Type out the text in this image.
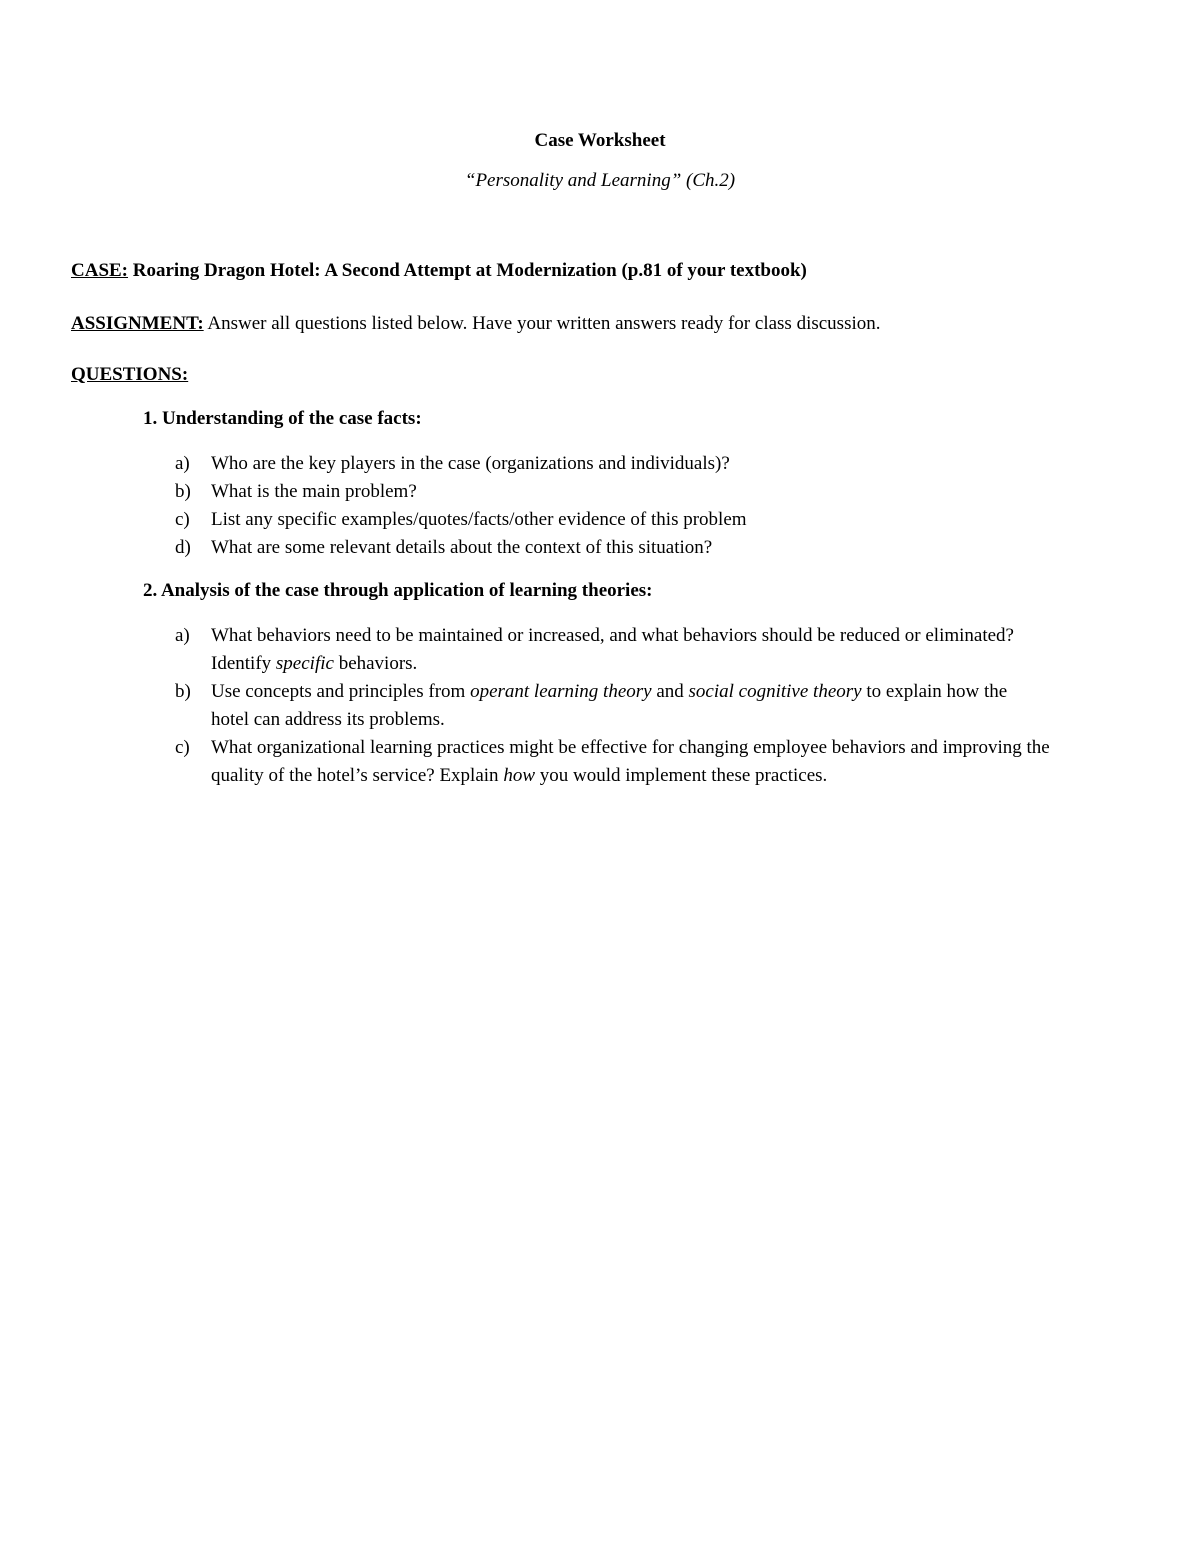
Case Worksheet
“Personality and Learning” (Ch.2)
CASE: Roaring Dragon Hotel: A Second Attempt at Modernization (p.81 of your textbook)
ASSIGNMENT: Answer all questions listed below. Have your written answers ready for class discussion.
QUESTIONS:
1. Understanding of the case facts:
a) Who are the key players in the case (organizations and individuals)?
b) What is the main problem?
c) List any specific examples/quotes/facts/other evidence of this problem
d) What are some relevant details about the context of this situation?
2. Analysis of the case through application of learning theories:
a) What behaviors need to be maintained or increased, and what behaviors should be reduced or eliminated? Identify specific behaviors.
b) Use concepts and principles from operant learning theory and social cognitive theory to explain how the hotel can address its problems.
c) What organizational learning practices might be effective for changing employee behaviors and improving the quality of the hotel’s service? Explain how you would implement these practices.
